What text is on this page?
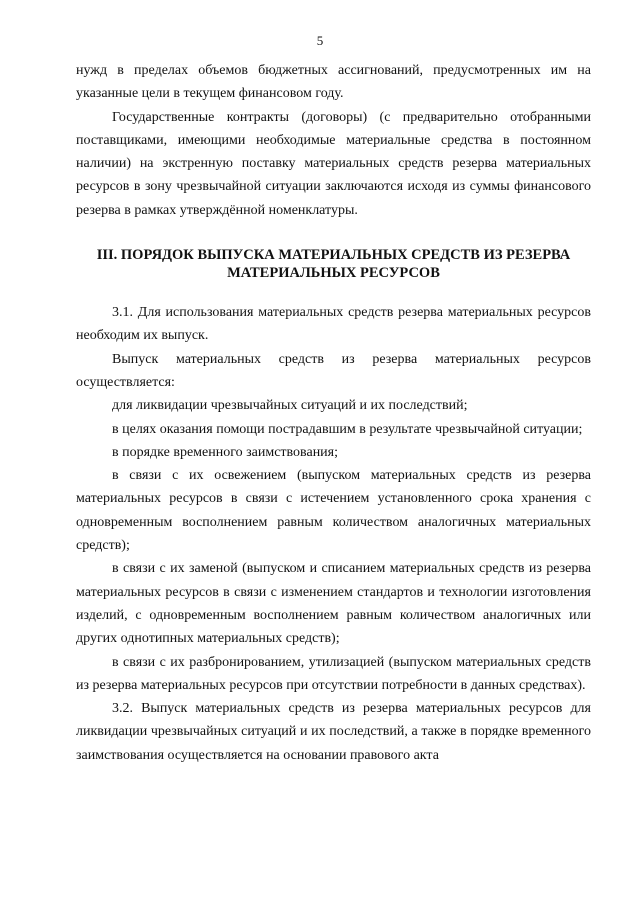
5

нужд в пределах объемов бюджетных ассигнований, предусмотренных им на указанные цели в текущем финансовом году.

Государственные контракты (договоры) (с предварительно отобранными поставщиками, имеющими необходимые материальные средства в постоянном наличии) на экстренную поставку материальных средств резерва материальных ресурсов в зону чрезвычайной ситуации заключаются исходя из суммы финансового резерва в рамках утверждённой номенклатуры.

III. ПОРЯДОК ВЫПУСКА МАТЕРИАЛЬНЫХ СРЕДСТВ ИЗ РЕЗЕРВА МАТЕРИАЛЬНЫХ РЕСУРСОВ

3.1. Для использования материальных средств резерва материальных ресурсов необходим их выпуск.

Выпуск материальных средств из резерва материальных ресурсов осуществляется:

для ликвидации чрезвычайных ситуаций и их последствий;

в целях оказания помощи пострадавшим в результате чрезвычайной ситуации;

в порядке временного заимствования;

в связи с их освежением (выпуском материальных средств из резерва материальных ресурсов в связи с истечением установленного срока хранения с одновременным восполнением равным количеством аналогичных материальных средств);

в связи с их заменой (выпуском и списанием материальных средств из резерва материальных ресурсов в связи с изменением стандартов и технологии изготовления изделий, с одновременным восполнением равным количеством аналогичных или других однотипных материальных средств);

в связи с их разбронированием, утилизацией (выпуском материальных средств из резерва материальных ресурсов при отсутствии потребности в данных средствах).

3.2. Выпуск материальных средств из резерва материальных ресурсов для ликвидации чрезвычайных ситуаций и их последствий, а также в порядке временного заимствования осуществляется на основании правового акта
